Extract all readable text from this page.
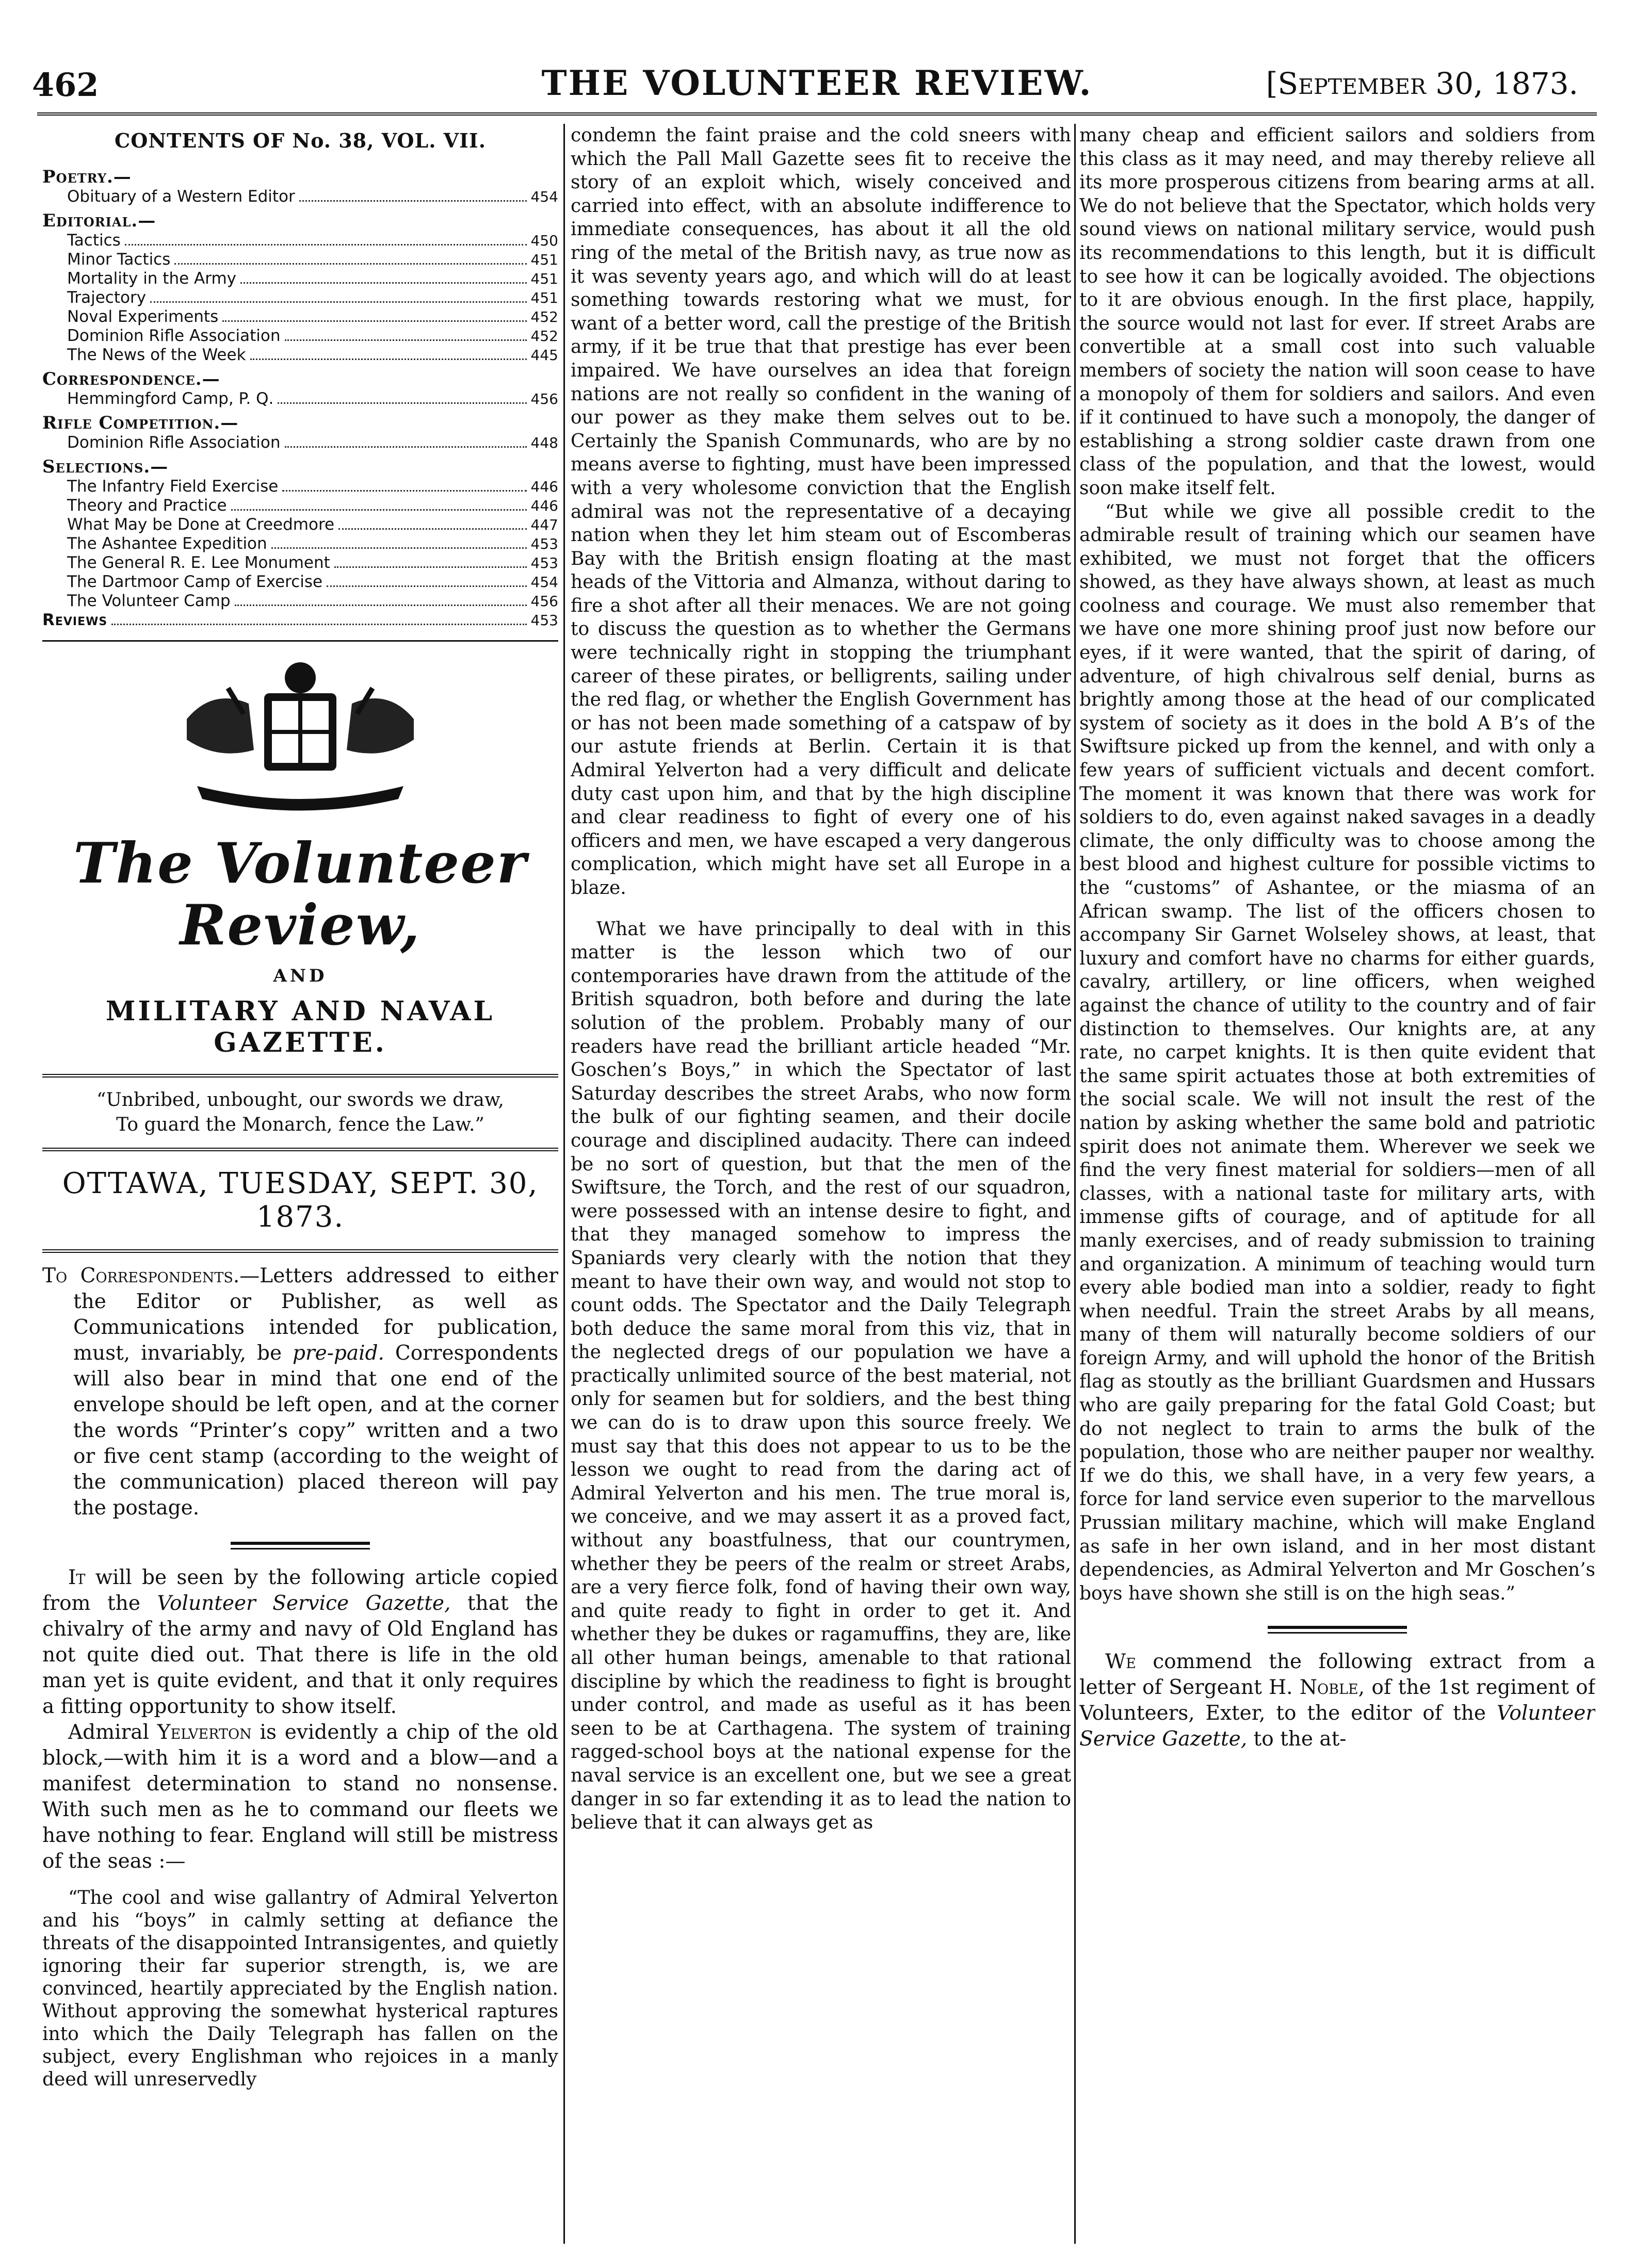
462	THE VOLUNTEER REVIEW.	[September 30, 1873.
CONTENTS OF No. 38, VOL. VII.
Poetry.—
Obituary of a Western Editor	454
Editorial.—
Tactics	450
Minor Tactics	451
Mortality in the Army	451
Trajectory	451
Noval Experiments	452
Dominion Rifle Association	452
The News of the Week	445
Correspondence.—
Hemmingford Camp, P. Q.	456
Rifle Competition.—
Dominion Rifle Association	448
Selections.—
The Infantry Field Exercise	446
Theory and Practice	446
What May be Done at Creedmore	447
The Ashantee Expedition	453
The General R. E. Lee Monument	453
The Dartmoor Camp of Exercise	454
The Volunteer Camp	456
Reviews	453
The Volunteer Review,
AND
MILITARY AND NAVAL GAZETTE.
“Unbribed, unbought, our swords we draw,
To guard the Monarch, fence the Law.”
OTTAWA, TUESDAY, SEPT. 30, 1873.

To Correspondents.—Letters addressed to either the Editor or Publisher, as well as Communications intended for publication, must, invariably, be pre-paid. Correspondents will also bear in mind that one end of the envelope should be left open, and at the corner the words “Printer’s copy” written and a two or five cent stamp (according to the weight of the communication) placed thereon will pay the postage.

It will be seen by the following article copied from the Volunteer Service Gazette, that the chivalry of the army and navy of Old England has not quite died out. That there is life in the old man yet is quite evident, and that it only requires a fitting opportunity to show itself.

Admiral Yelverton is evidently a chip of the old block,—with him it is a word and a blow—and a manifest determination to stand no nonsense. With such men as he to command our fleets we have nothing to fear. England will still be mistress of the seas :—

“The cool and wise gallantry of Admiral Yelverton and his “boys” in calmly setting at defiance the threats of the disappointed Intransigentes, and quietly ignoring their far superior strength, is, we are convinced, heartily appreciated by the English nation. Without approving the somewhat hysterical raptures into which the Daily Telegraph has fallen on the subject, every Englishman who rejoices in a manly deed will unreservedly

condemn the faint praise and the cold sneers with which the Pall Mall Gazette sees fit to receive the story of an exploit which, wisely conceived and carried into effect, with an absolute indifference to immediate consequences, has about it all the old ring of the metal of the British navy, as true now as it was seventy years ago, and which will do at least something towards restoring what we must, for want of a better word, call the prestige of the British army, if it be true that that prestige has ever been impaired. We have ourselves an idea that foreign nations are not really so confident in the waning of our power as they make them selves out to be. Certainly the Spanish Communards, who are by no means averse to fighting, must have been impressed with a very wholesome conviction that the English admiral was not the representative of a decaying nation when they let him steam out of Escomberas Bay with the British ensign floating at the mast heads of the Vittoria and Almanza, without daring to fire a shot after all their menaces. We are not going to discuss the question as to whether the Germans were technically right in stopping the triumphant career of these pirates, or belligrents, sailing under the red flag, or whether the English Government has or has not been made something of a catspaw of by our astute friends at Berlin. Certain it is that Admiral Yelverton had a very difficult and delicate duty cast upon him, and that by the high discipline and clear readiness to fight of every one of his officers and men, we have escaped a very dangerous complication, which might have set all Europe in a blaze.

What we have principally to deal with in this matter is the lesson which two of our contemporaries have drawn from the attitude of the British squadron, both before and during the late solution of the problem. Probably many of our readers have read the brilliant article headed “Mr. Goschen’s Boys,” in which the Spectator of last Saturday describes the street Arabs, who now form the bulk of our fighting seamen, and their docile courage and disciplined audacity. There can indeed be no sort of question, but that the men of the Swiftsure, the Torch, and the rest of our squadron, were possessed with an intense desire to fight, and that they managed somehow to impress the Spaniards very clearly with the notion that they meant to have their own way, and would not stop to count odds. The Spectator and the Daily Telegraph both deduce the same moral from this viz, that in the neglected dregs of our population we have a practically unlimited source of the best material, not only for seamen but for soldiers, and the best thing we can do is to draw upon this source freely. We must say that this does not appear to us to be the lesson we ought to read from the daring act of Admiral Yelverton and his men. The true moral is, we conceive, and we may assert it as a proved fact, without any boastfulness, that our countrymen, whether they be peers of the realm or street Arabs, are a very fierce folk, fond of having their own way, and quite ready to fight in order to get it. And whether they be dukes or ragamuffins, they are, like all other human beings, amenable to that rational discipline by which the readiness to fight is brought under control, and made as useful as it has been seen to be at Carthagena. The system of training ragged-school boys at the national expense for the naval service is an excellent one, but we see a great danger in so far extending it as to lead the nation to believe that it can always get as

many cheap and efficient sailors and soldiers from this class as it may need, and may thereby relieve all its more prosperous citizens from bearing arms at all. We do not believe that the Spectator, which holds very sound views on national military service, would push its recommendations to this length, but it is difficult to see how it can be logically avoided. The objections to it are obvious enough. In the first place, happily, the source would not last for ever. If street Arabs are convertible at a small cost into such valuable members of society the nation will soon cease to have a monopoly of them for soldiers and sailors. And even if it continued to have such a monopoly, the danger of establishing a strong soldier caste drawn from one class of the population, and that the lowest, would soon make itself felt.

“But while we give all possible credit to the admirable result of training which our seamen have exhibited, we must not forget that the officers showed, as they have always shown, at least as much coolness and courage. We must also remember that we have one more shining proof just now before our eyes, if it were wanted, that the spirit of daring, of adventure, of high chivalrous self denial, burns as brightly among those at the head of our complicated system of society as it does in the bold A B’s of the Swiftsure picked up from the kennel, and with only a few years of sufficient victuals and decent comfort. The moment it was known that there was work for soldiers to do, even against naked savages in a deadly climate, the only difficulty was to choose among the best blood and highest culture for possible victims to the “customs” of Ashantee, or the miasma of an African swamp. The list of the officers chosen to accompany Sir Garnet Wolseley shows, at least, that luxury and comfort have no charms for either guards, cavalry, artillery, or line officers, when weighed against the chance of utility to the country and of fair distinction to themselves. Our knights are, at any rate, no carpet knights. It is then quite evident that the same spirit actuates those at both extremities of the social scale. We will not insult the rest of the nation by asking whether the same bold and patriotic spirit does not animate them. Wherever we seek we find the very finest material for soldiers—men of all classes, with a national taste for military arts, with immense gifts of courage, and of aptitude for all manly exercises, and of ready submission to training and organization. A minimum of teaching would turn every able bodied man into a soldier, ready to fight when needful. Train the street Arabs by all means, many of them will naturally become soldiers of our foreign Army, and will uphold the honor of the British flag as stoutly as the brilliant Guardsmen and Hussars who are gaily preparing for the fatal Gold Coast; but do not neglect to train to arms the bulk of the population, those who are neither pauper nor wealthy. If we do this, we shall have, in a very few years, a force for land service even superior to the marvellous Prussian military machine, which will make England as safe in her own island, and in her most distant dependencies, as Admiral Yelverton and Mr Goschen’s boys have shown she still is on the high seas.”

We commend the following extract from a letter of Sergeant H. Noble, of the 1st regiment of Volunteers, Exter, to the editor of the Volunteer Service Gazette, to the at-
